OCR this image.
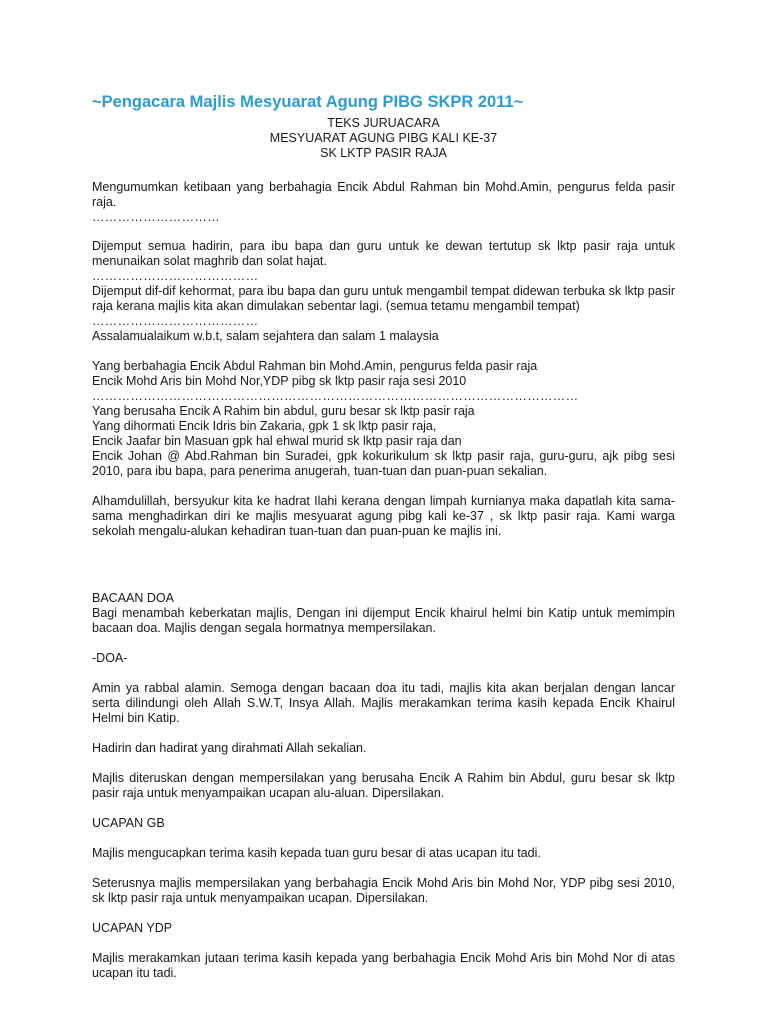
~Pengacara Majlis Mesyuarat Agung PIBG SKPR 2011~
TEKS JURUACARA
MESYUARAT AGUNG PIBG KALI KE-37
SK LKTP PASIR RAJA

Mengumumkan ketibaan yang berbahagia Encik Abdul Rahman bin Mohd.Amin, pengurus felda pasir raja.

…………………………

Dijemput semua hadirin, para ibu bapa dan guru untuk ke dewan tertutup sk lktp pasir raja untuk menunaikan solat maghrib dan solat hajat.

…………………………………

Dijemput dif-dif kehormat, para ibu bapa dan guru untuk mengambil tempat didewan terbuka sk lktp pasir raja kerana majlis kita akan dimulakan sebentar lagi. (semua tetamu mengambil tempat)

…………………………………

Assalamualaikum w.b.t, salam sejahtera dan salam 1 malaysia

Yang berbahagia Encik Abdul Rahman bin Mohd.Amin, pengurus felda pasir raja

Encik Mohd Aris bin Mohd Nor,YDP pibg sk lktp pasir raja sesi 2010

……………………………………………………………………………………………………

Yang berusaha Encik A Rahim bin abdul, guru besar sk lktp pasir raja

Yang dihormati Encik Idris bin Zakaria, gpk 1 sk lktp pasir raja,

Encik Jaafar bin Masuan gpk hal ehwal murid sk lktp pasir raja dan

Encik Johan @ Abd.Rahman bin Suradei, gpk kokurikulum sk lktp pasir raja, guru-guru, ajk pibg sesi 2010, para ibu bapa, para penerima anugerah, tuan-tuan dan puan-puan sekalian.

Alhamdulillah, bersyukur kita ke hadrat Ilahi kerana dengan limpah kurnianya maka dapatlah kita sama-sama menghadirkan diri ke majlis mesyuarat agung pibg kali ke-37 , sk lktp pasir raja. Kami warga sekolah mengalu-alukan kehadiran tuan-tuan dan puan-puan ke majlis ini.

BACAAN DOA

Bagi menambah keberkatan majlis, Dengan ini dijemput Encik khairul helmi bin Katip untuk memimpin bacaan doa. Majlis dengan segala hormatnya mempersilakan.

-DOA-

Amin ya rabbal alamin. Semoga dengan bacaan doa itu tadi, majlis kita akan berjalan dengan lancar serta dilindungi oleh Allah S.W.T, Insya Allah. Majlis merakamkan terima kasih kepada Encik Khairul Helmi bin Katip.

Hadirin dan hadirat yang dirahmati Allah sekalian.

Majlis diteruskan dengan mempersilakan yang berusaha Encik A Rahim bin Abdul, guru besar sk lktp pasir raja untuk menyampaikan ucapan alu-aluan. Dipersilakan.

UCAPAN GB

Majlis mengucapkan terima kasih kepada tuan guru besar di atas ucapan itu tadi.

Seterusnya majlis mempersilakan yang berbahagia Encik Mohd Aris bin Mohd Nor, YDP pibg sesi 2010, sk lktp pasir raja untuk menyampaikan ucapan. Dipersilakan.

UCAPAN YDP

Majlis merakamkan jutaan terima kasih kepada yang berbahagia Encik Mohd Aris bin Mohd Nor di atas ucapan itu tadi.
